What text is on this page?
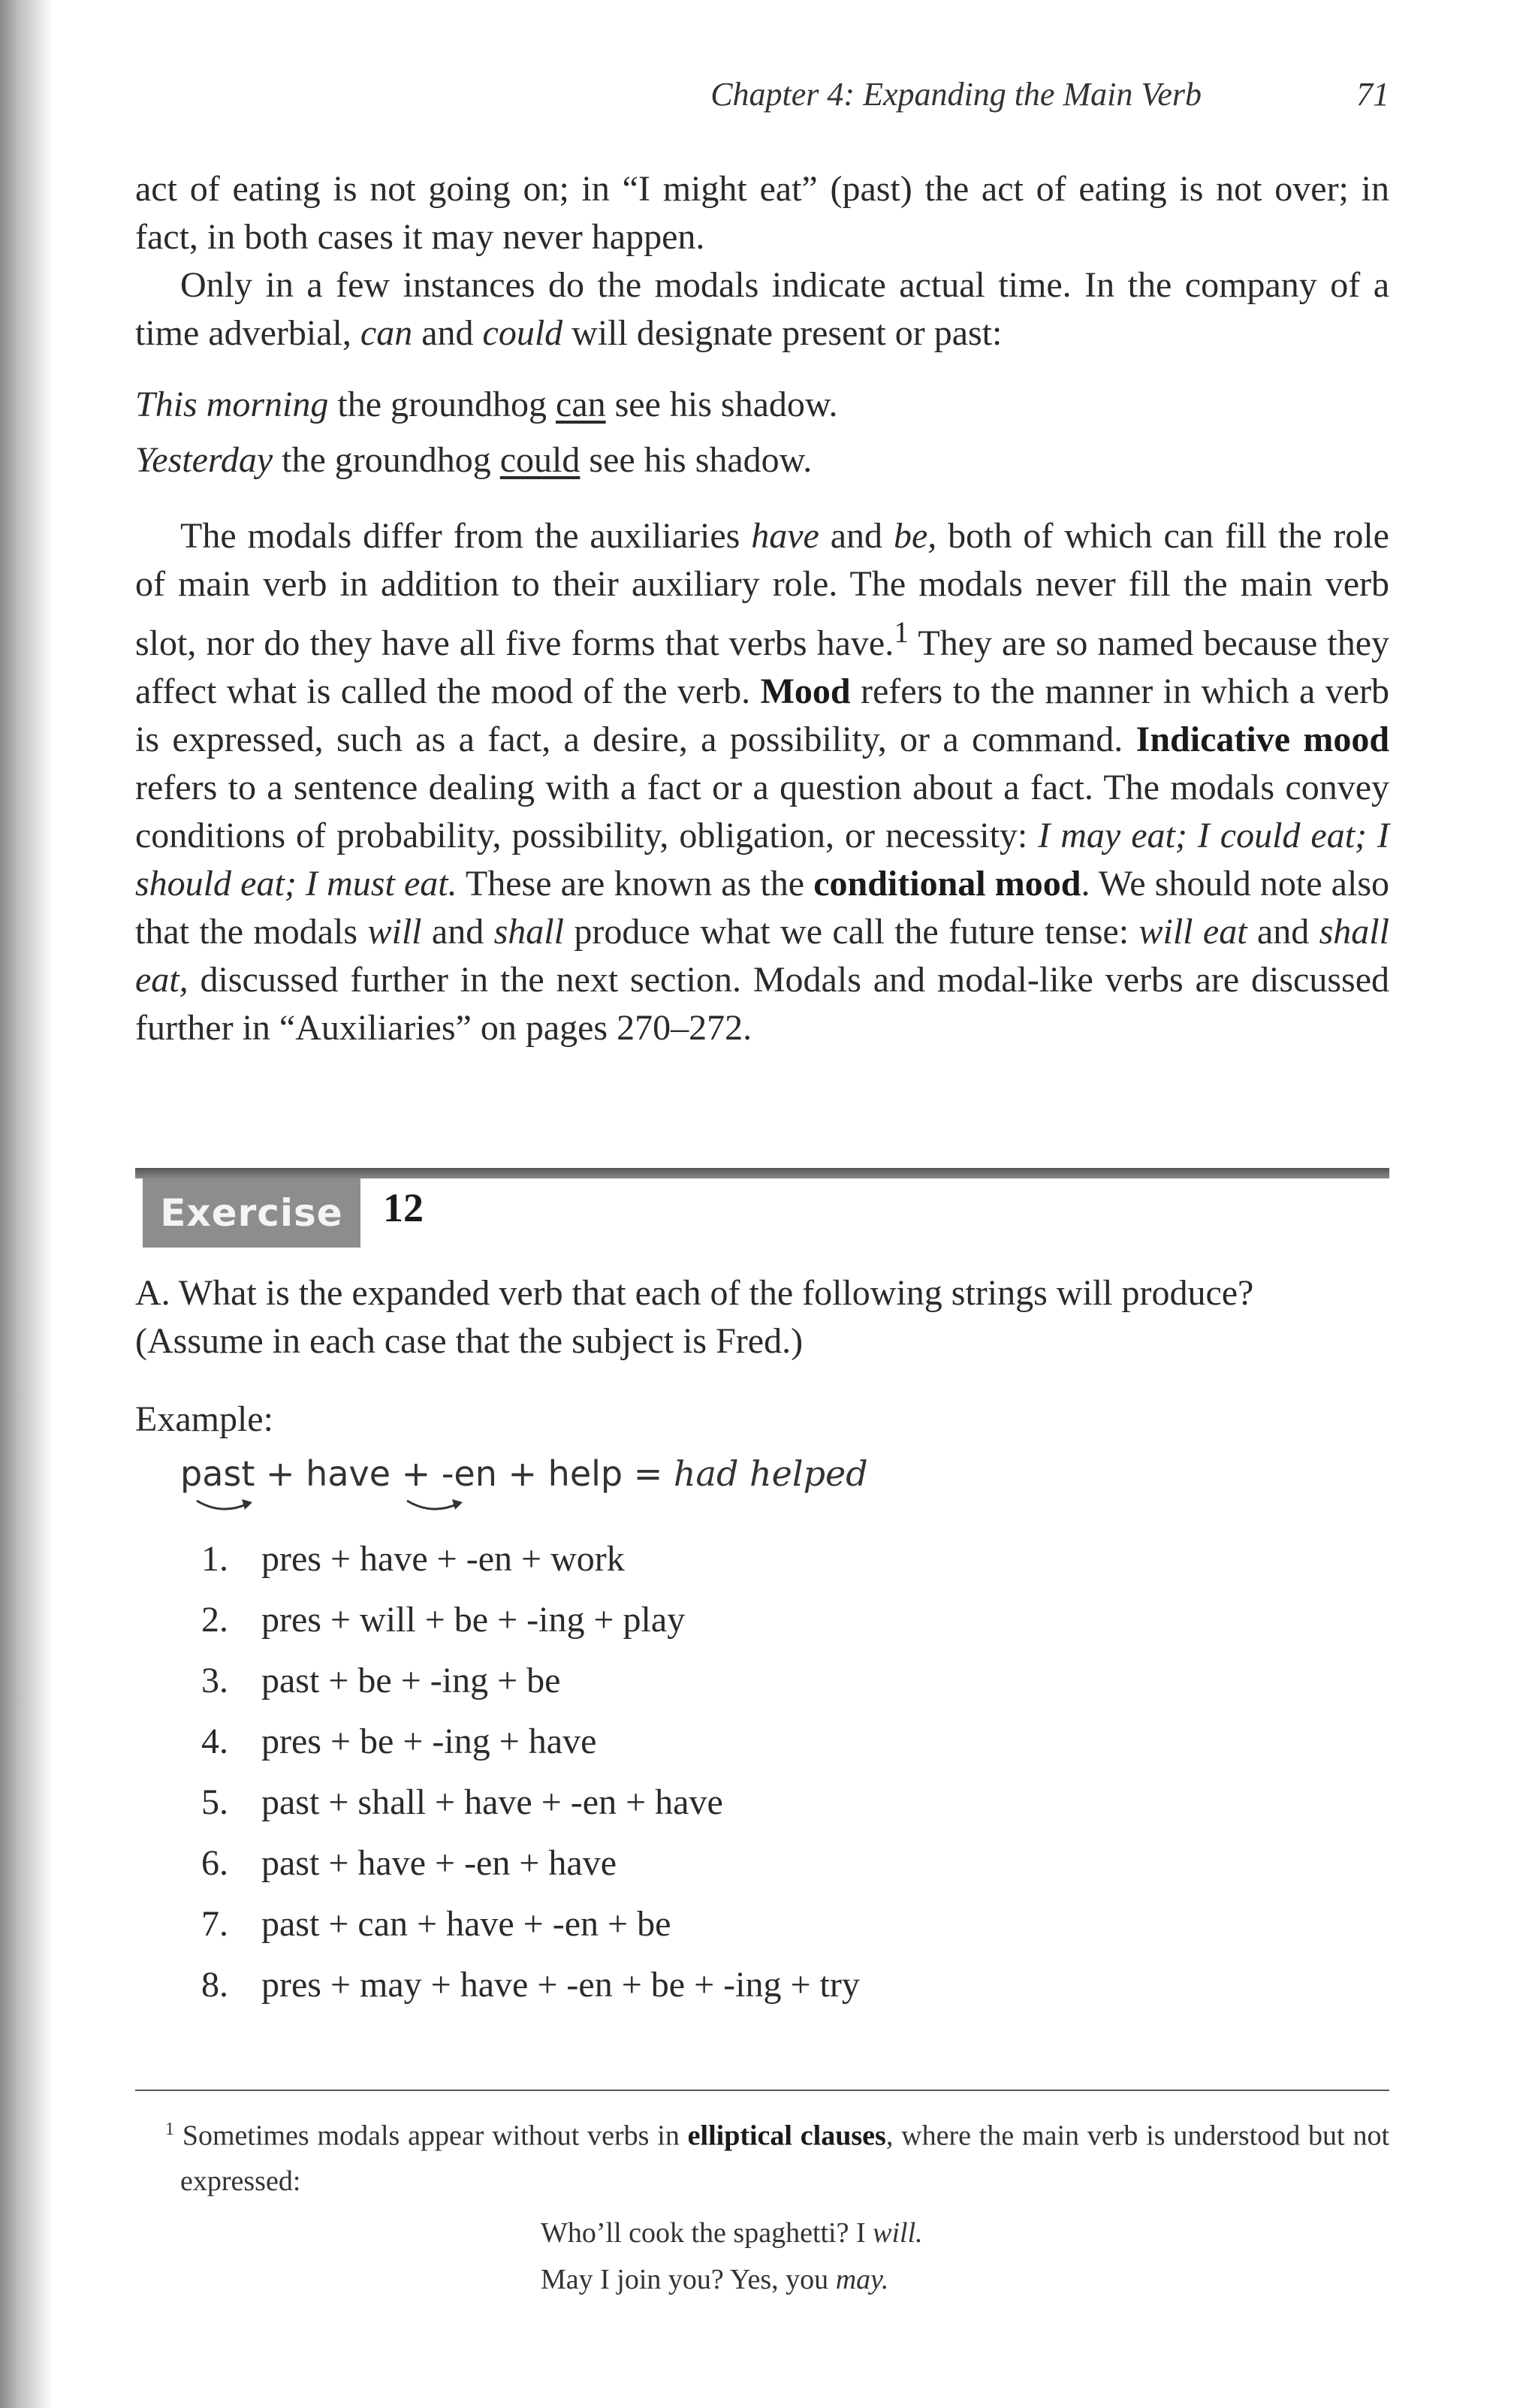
Chapter 4: Expanding the Main Verb	71

act of eating is not going on; in “I might eat” (past) the act of eating is not over; in fact, in both cases it may never happen.

Only in a few instances do the modals indicate actual time. In the company of a time adverbial, can and could will designate present or past:

This morning the groundhog can see his shadow.

Yesterday the groundhog could see his shadow.

The modals differ from the auxiliaries have and be, both of which can fill the role of main verb in addition to their auxiliary role. The modals never fill the main verb slot, nor do they have all five forms that verbs have.$^1$ They are so named because they affect what is called the mood of the verb. Mood refers to the manner in which a verb is expressed, such as a fact, a desire, a possibility, or a command. Indicative mood refers to a sentence dealing with a fact or a question about a fact. The modals convey conditions of probability, possibility, obligation, or necessity: I may eat; I could eat; I should eat; I must eat. These are known as the conditional mood. We should note also that the modals will and shall produce what we call the future tense: will eat and shall eat, discussed further in the next section. Modals and modal-like verbs are discussed further in “Auxiliaries” on pages 270–272.

Exercise 12
A. What is the expanded verb that each of the following strings will produce? (Assume in each case that the subject is Fred.)
Example:
past + have + -en + help = had helped
1. pres + have + -en + work
2. pres + will + be + -ing + play
3. past + be + -ing + be
4. pres + be + -ing + have
5. past + shall + have + -en + have
6. past + have + -en + have
7. past + can + have + -en + be
8. pres + may + have + -en + be + -ing + try

$^1$ Sometimes modals appear without verbs in elliptical clauses, where the main verb is understood but not expressed:

Who’ll cook the spaghetti? I will.

May I join you? Yes, you may.
